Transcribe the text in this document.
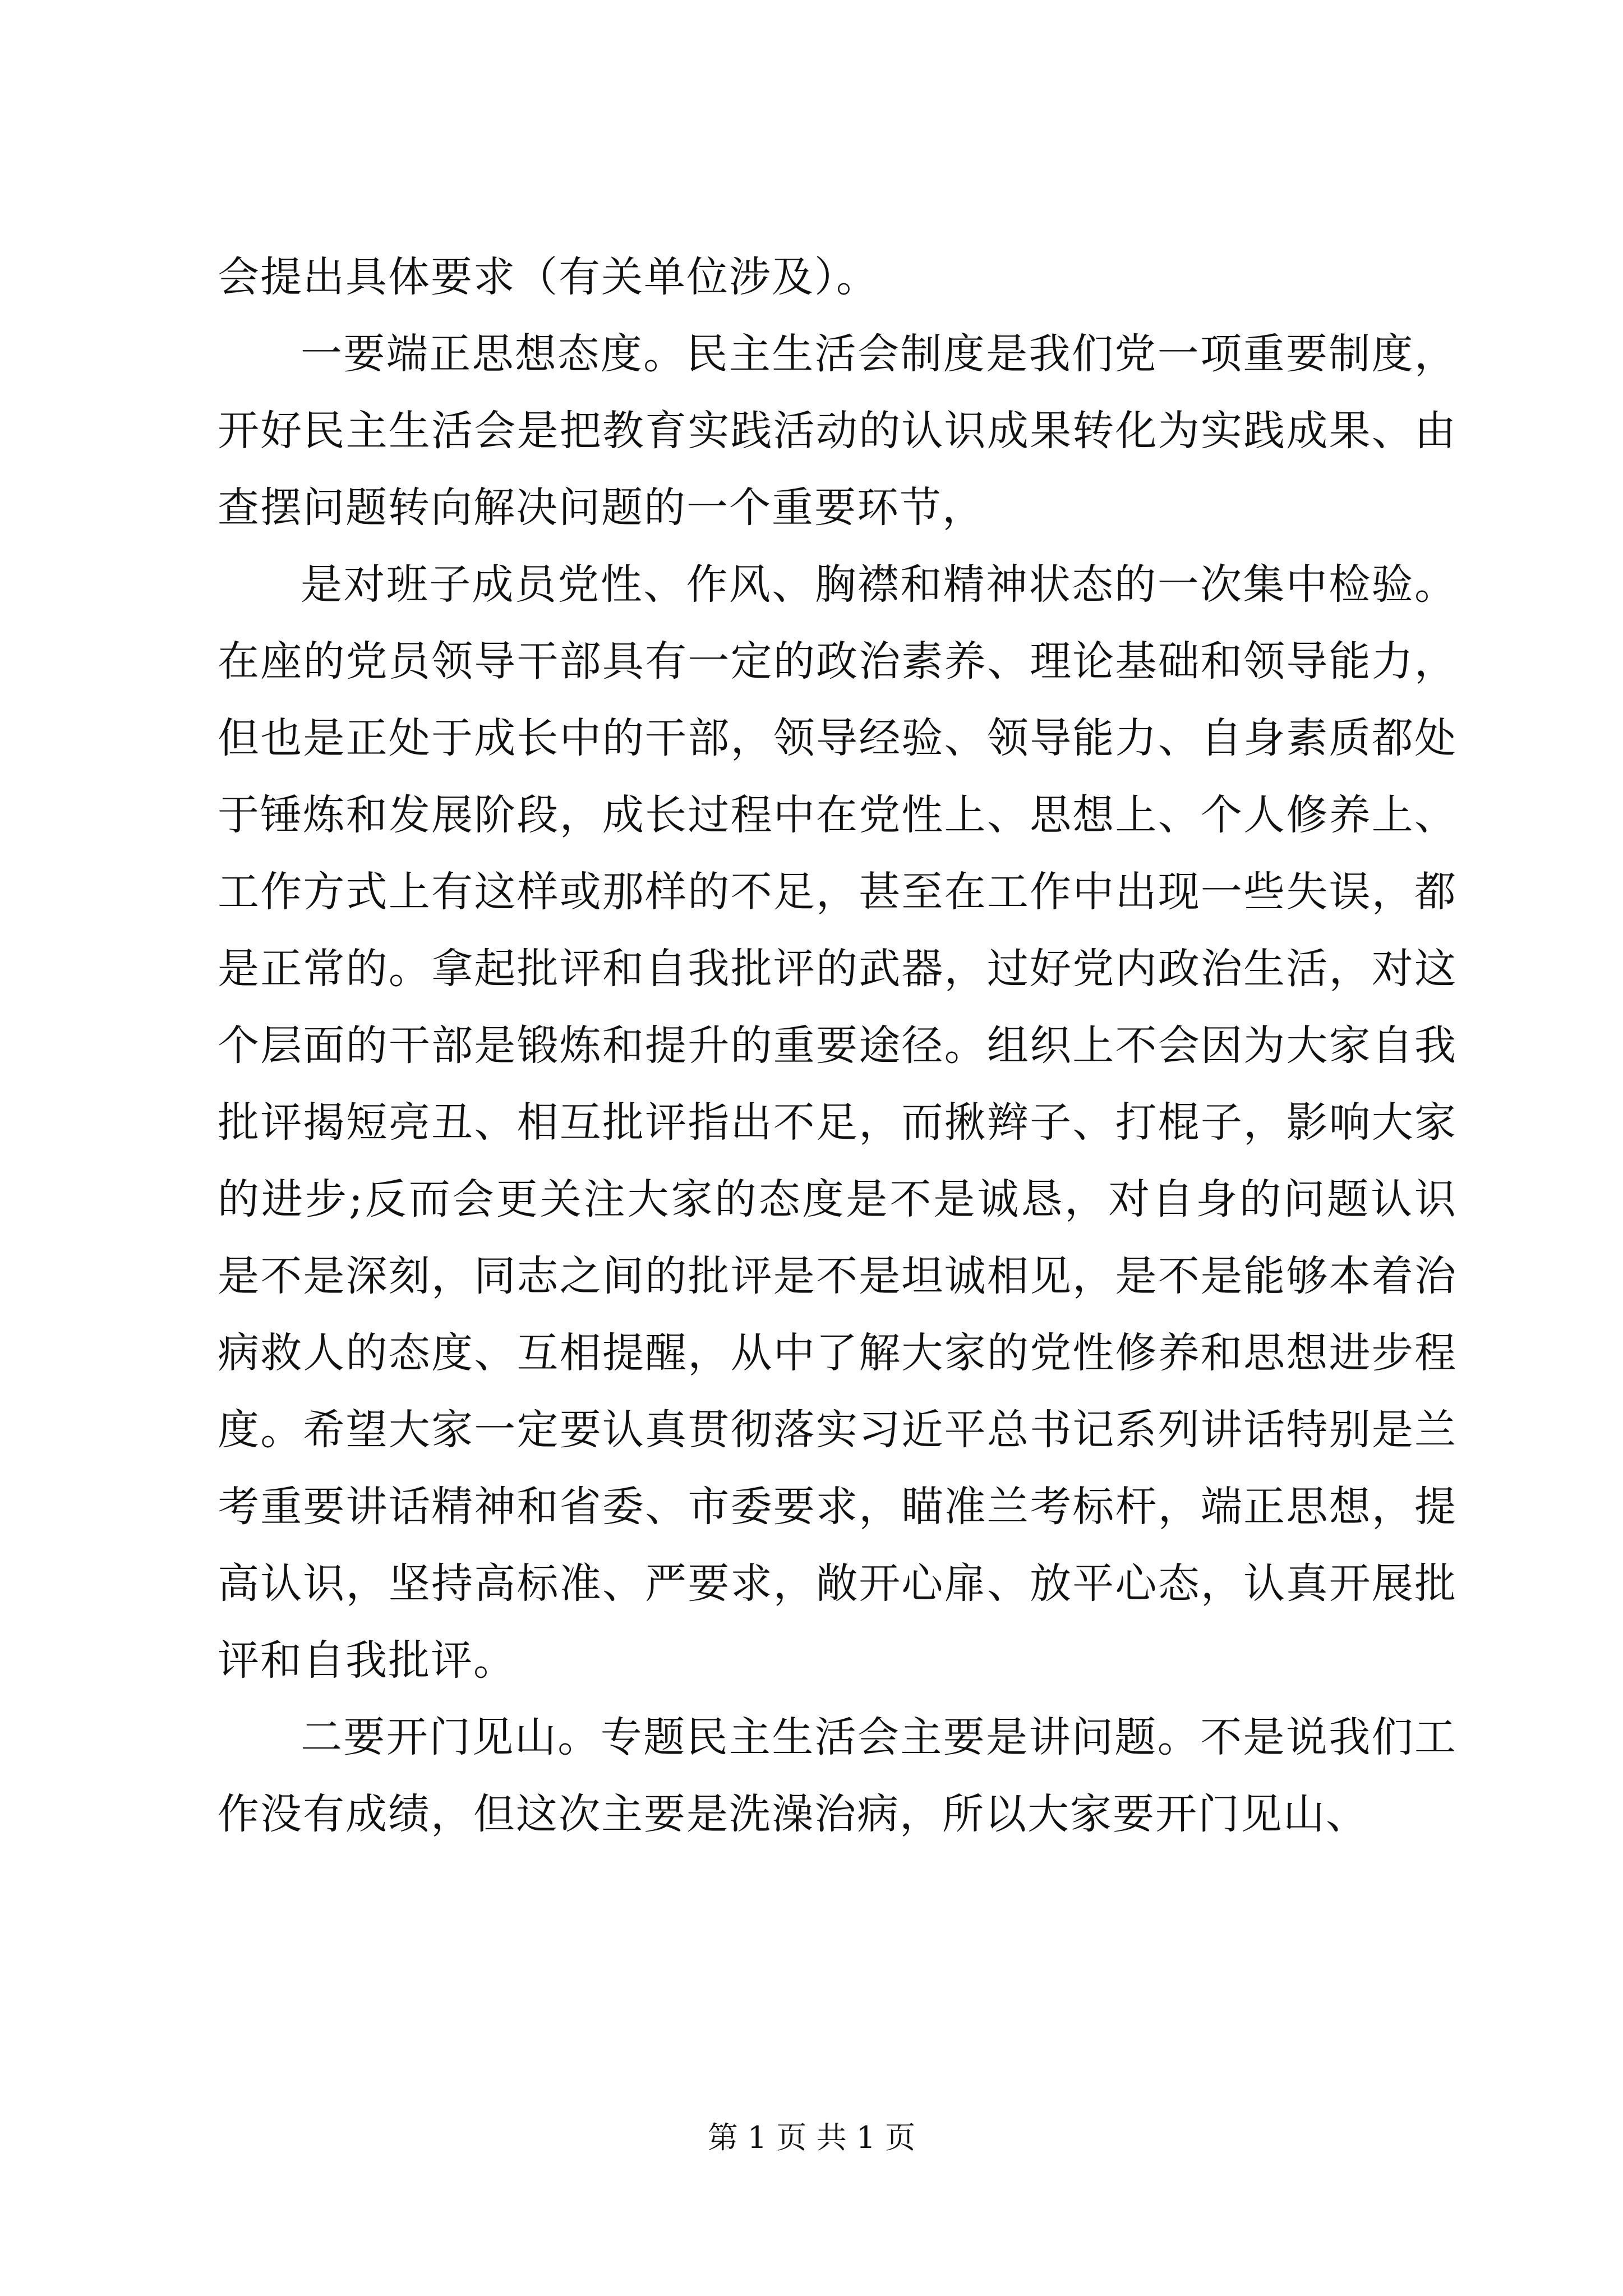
会提出具体要求（有关单位涉及）。

一要端正思想态度。民主生活会制度是我们党一项重要制度，开好民主生活会是把教育实践活动的认识成果转化为实践成果、由查摆问题转向解决问题的一个重要环节，

是对班子成员党性、作风、胸襟和精神状态的一次集中检验。在座的党员领导干部具有一定的政治素养、理论基础和领导能力，但也是正处于成长中的干部，领导经验、领导能力、自身素质都处于锤炼和发展阶段，成长过程中在党性上、思想上、个人修养上、工作方式上有这样或那样的不足，甚至在工作中出现一些失误，都是正常的。拿起批评和自我批评的武器，过好党内政治生活，对这个层面的干部是锻炼和提升的重要途径。组织上不会因为大家自我批评揭短亮丑、相互批评指出不足，而揪辫子、打棍子，影响大家的进步;反而会更关注大家的态度是不是诚恳，对自身的问题认识是不是深刻，同志之间的批评是不是坦诚相见，是不是能够本着治病救人的态度、互相提醒，从中了解大家的党性修养和思想进步程度。希望大家一定要认真贯彻落实习近平总书记系列讲话特别是兰考重要讲话精神和省委、市委要求，瞄准兰考标杆，端正思想，提高认识，坚持高标准、严要求，敞开心扉、放平心态，认真开展批评和自我批评。

二要开门见山。专题民主生活会主要是讲问题。不是说我们工作没有成绩，但这次主要是洗澡治病，所以大家要开门见山、

第 1 页 共 1 页
